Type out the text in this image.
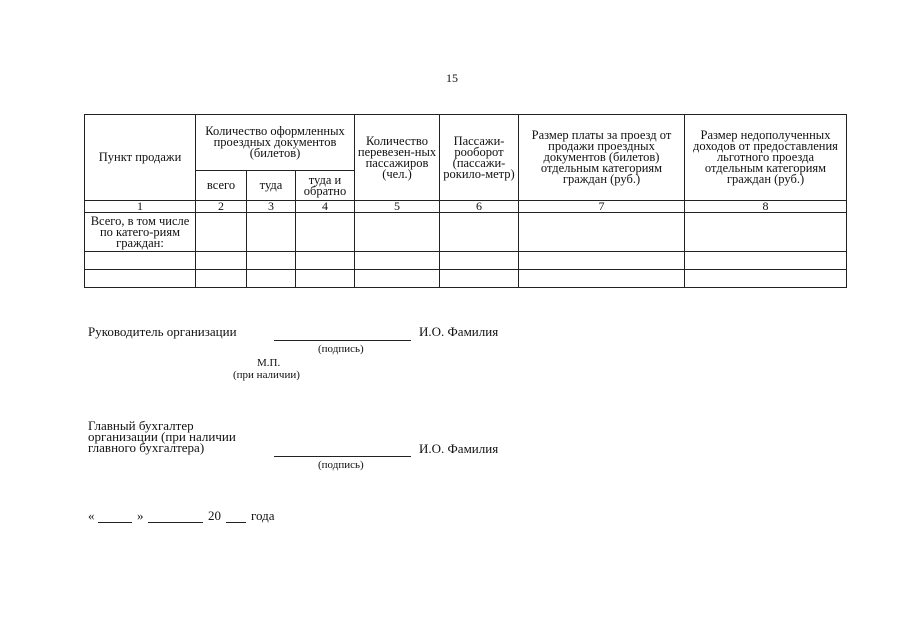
15
Пункт продажи	Количество оформленных проездных документов (билетов)			Количество перевезен-ных пассажиров (чел.)	Пассажи-рооборот (пассажи-рокило-метр)	Размер платы за проезд от продажи проездных документов (билетов) отдельным категориям граждан (руб.)	Размер недополученных доходов от предоставления льготного проезда отдельным категориям граждан (руб.)
	всего	туда	туда и обратно				
1	2	3	4	5	6	7	8
Всего, в том числе по катего-риям граждан:							

Руководитель организации	И.О. Фамилия
(подпись)
М.П.
(при наличии)
Главный бухгалтер организации (при наличии главного бухгалтера)	И.О. Фамилия
(подпись)
«	»	20 года
